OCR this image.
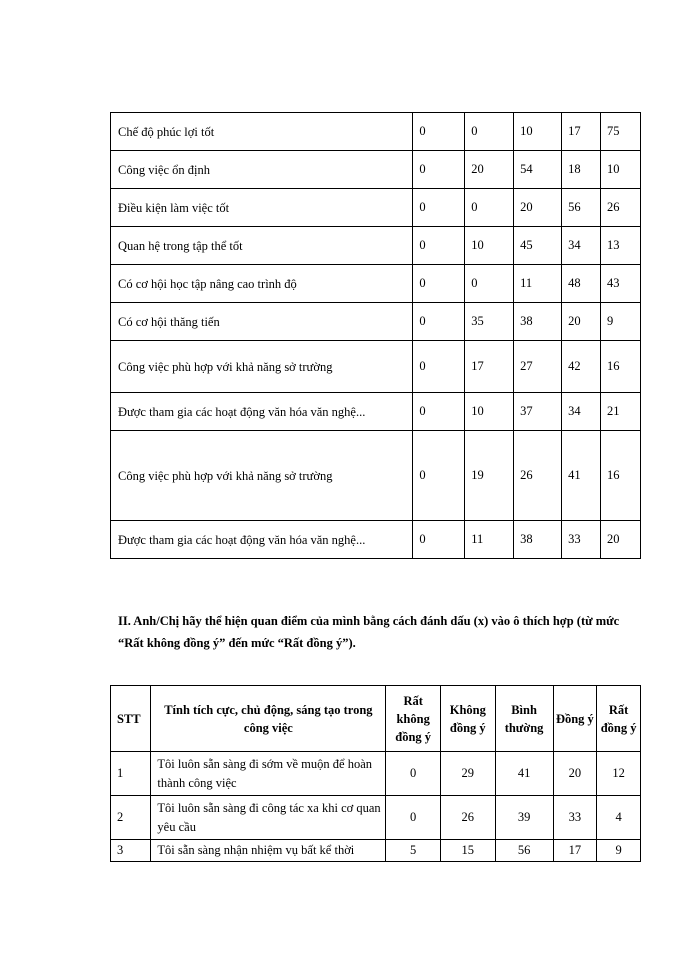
Chế độ phúc lợi tốt	0	0	10	17	75
Công việc ổn định	0	20	54	18	10
Điều kiện làm việc tốt	0	0	20	56	26
Quan hệ trong tập thể tốt	0	10	45	34	13
Có cơ hội học tập nâng cao trình độ	0	0	11	48	43
Có cơ hội thăng tiến	0	35	38	20	9
Công việc phù hợp với khả năng sở trường	0	17	27	42	16
Được tham gia các hoạt động văn hóa văn nghệ...	0	10	37	34	21
Công việc phù hợp với khả năng sở trường	0	19	26	41	16
Được tham gia các hoạt động văn hóa văn nghệ...	0	11	38	33	20
II. Anh/Chị hãy thể hiện quan điểm của mình bằng cách đánh dấu (x) vào ô thích hợp (từ mức “Rất không đồng ý” đến mức “Rất đồng ý”).
STT	Tính tích cực, chủ động, sáng tạo trong công việc	Rất không đồng ý	Không đồng ý	Bình thường	Đồng ý	Rất đồng ý
1	Tôi luôn sẵn sàng đi sớm về muộn để hoàn thành công việc	0	29	41	20	12
2	Tôi luôn sẵn sàng đi công tác xa khi cơ quan yêu cầu	0	26	39	33	4
3	Tôi sẵn sàng nhận nhiệm vụ bất kể thời	5	15	56	17	9
